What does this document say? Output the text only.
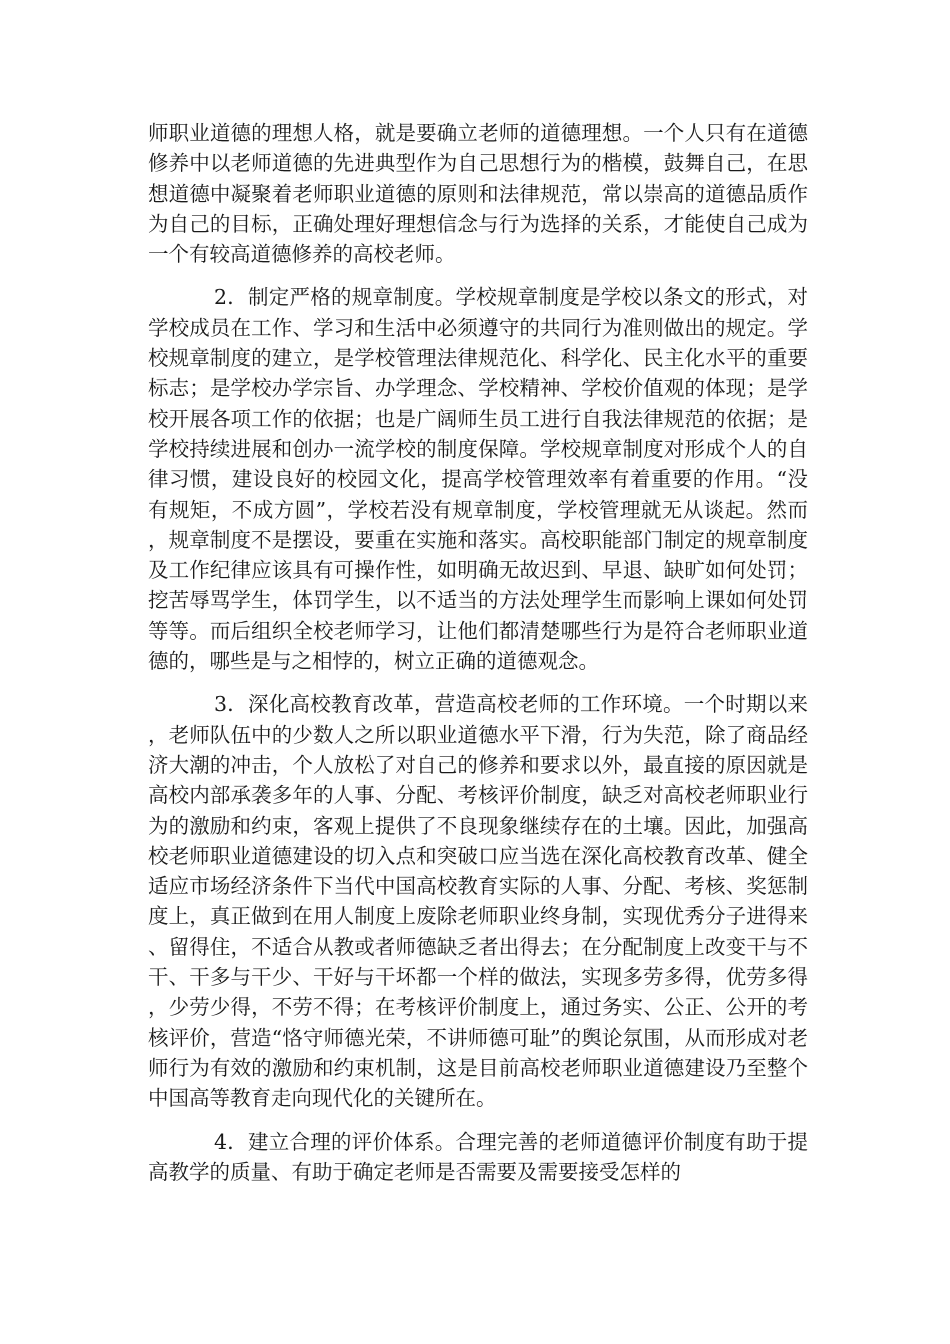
师职业道德的理想人格，就是要确立老师的道德理想。一个人只有在道德修养中以老师道德的先进典型作为自己思想行为的楷模，鼓舞自己，在思想道德中凝聚着老师职业道德的原则和法律规范，常以崇高的道德品质作为自己的目标，正确处理好理想信念与行为选择的关系，才能使自己成为一个有较高道德修养的高校老师。

2．制定严格的规章制度。学校规章制度是学校以条文的形式，对学校成员在工作、学习和生活中必须遵守的共同行为准则做出的规定。学校规章制度的建立，是学校管理法律规范化、科学化、民主化水平的重要标志；是学校办学宗旨、办学理念、学校精神、学校价值观的体现；是学校开展各项工作的依据；也是广阔师生员工进行自我法律规范的依据；是学校持续进展和创办一流学校的制度保障。学校规章制度对形成个人的自律习惯，建设良好的校园文化，提高学校管理效率有着重要的作用。“没有规矩，不成方圆”，学校若没有规章制度，学校管理就无从谈起。然而，规章制度不是摆设，要重在实施和落实。高校职能部门制定的规章制度及工作纪律应该具有可操作性，如明确无故迟到、早退、缺旷如何处罚；挖苦辱骂学生，体罚学生，以不适当的方法处理学生而影响上课如何处罚等等。而后组织全校老师学习，让他们都清楚哪些行为是符合老师职业道德的，哪些是与之相悖的，树立正确的道德观念。

3．深化高校教育改革，营造高校老师的工作环境。一个时期以来，老师队伍中的少数人之所以职业道德水平下滑，行为失范，除了商品经济大潮的冲击，个人放松了对自己的修养和要求以外，最直接的原因就是高校内部承袭多年的人事、分配、考核评价制度，缺乏对高校老师职业行为的激励和约束，客观上提供了不良现象继续存在的土壤。因此，加强高校老师职业道德建设的切入点和突破口应当选在深化高校教育改革、健全适应市场经济条件下当代中国高校教育实际的人事、分配、考核、奖惩制度上，真正做到在用人制度上废除老师职业终身制，实现优秀分子进得来、留得住，不适合从教或者师德缺乏者出得去；在分配制度上改变干与不干、干多与干少、干好与干坏都一个样的做法，实现多劳多得，优劳多得，少劳少得，不劳不得；在考核评价制度上，通过务实、公正、公开的考核评价，营造“恪守师德光荣，不讲师德可耻”的舆论氛围，从而形成对老师行为有效的激励和约束机制，这是目前高校老师职业道德建设乃至整个中国高等教育走向现代化的关键所在。

4．建立合理的评价体系。合理完善的老师道德评价制度有助于提高教学的质量、有助于确定老师是否需要及需要接受怎样的
